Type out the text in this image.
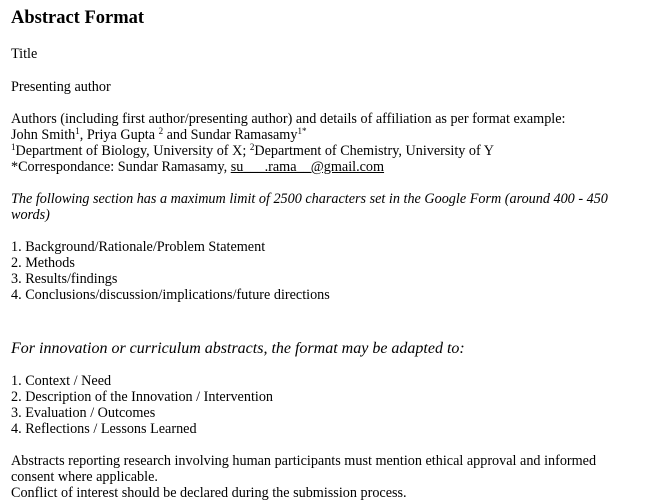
Abstract Format
Title
Presenting author
Authors (including first author/presenting author) and details of affiliation as per format example:
John Smith$^1$, Priya Gupta $^2$ and Sundar Ramasamy$^{1*}$
$^1$Department of Biology, University of X; $^2$Department of Chemistry, University of Y
*Correspondance: Sundar Ramasamy, su___.rama__@gmail.com
The following section has a maximum limit of 2500 characters set in the Google Form (around 400 - 450
words)
1. Background/Rationale/Problem Statement
2. Methods
3. Results/findings
4. Conclusions/discussion/implications/future directions
For innovation or curriculum abstracts, the format may be adapted to:
1. Context / Need
2. Description of the Innovation / Intervention
3. Evaluation / Outcomes
4. Reflections / Lessons Learned
Abstracts reporting research involving human participants must mention ethical approval and informed
consent where applicable.
Conflict of interest should be declared during the submission process.
